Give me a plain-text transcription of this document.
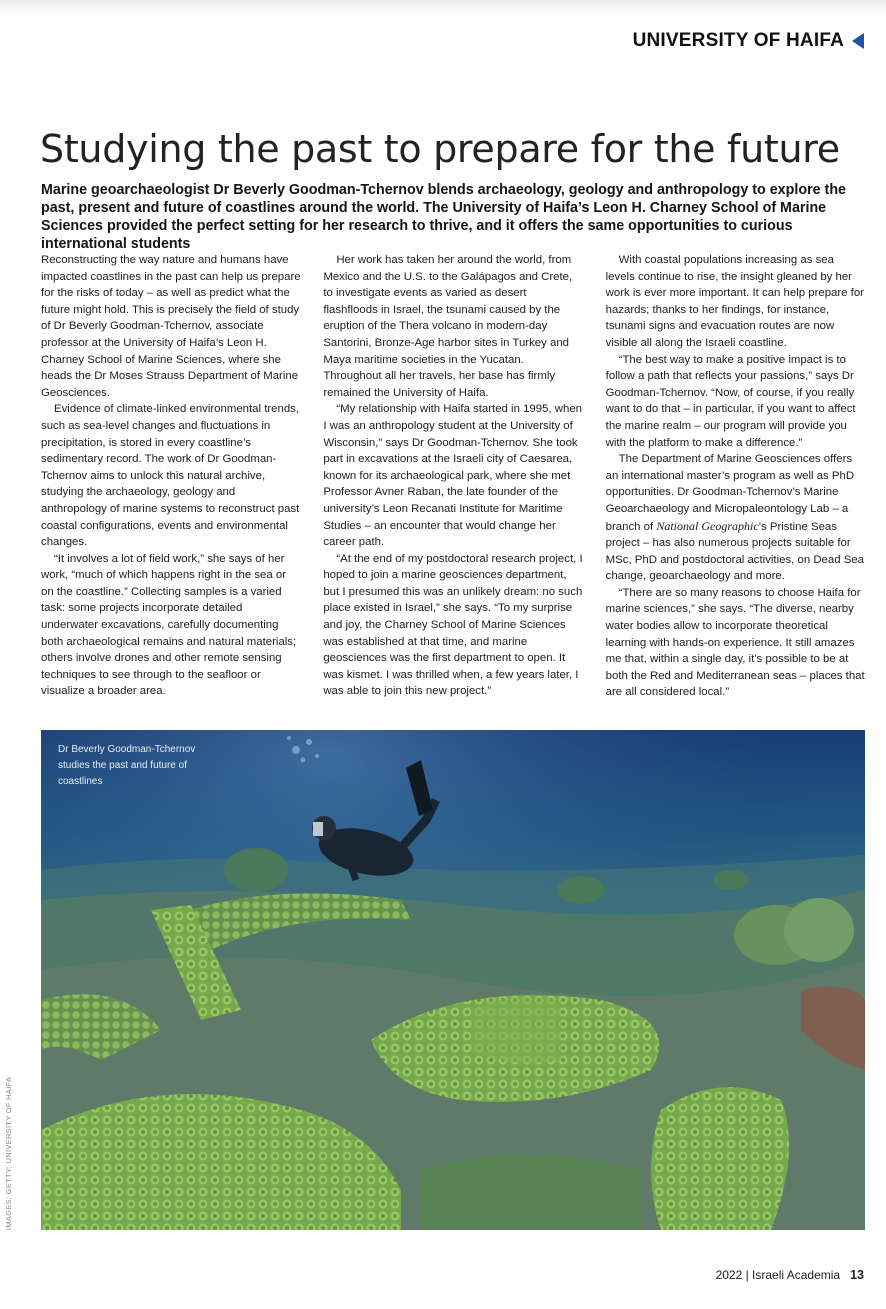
UNIVERSITY OF HAIFA
Studying the past to prepare for the future

Marine geoarchaeologist Dr Beverly Goodman-Tchernov blends archaeology, geology and anthropology to explore the past, present and future of coastlines around the world. The University of Haifa’s Leon H. Charney School of Marine Sciences provided the perfect setting for her research to thrive, and it offers the same opportunities to curious international students

Reconstructing the way nature and humans have impacted coastlines in the past can help us prepare for the risks of today – as well as predict what the future might hold. This is precisely the field of study of Dr Beverly Goodman-Tchernov, associate professor at the University of Haifa’s Leon H. Charney School of Marine Sciences, where she heads the Dr Moses Strauss Department of Marine Geosciences.

Evidence of climate-linked environmental trends, such as sea-level changes and fluctuations in precipitation, is stored in every coastline’s sedimentary record. The work of Dr Goodman-Tchernov aims to unlock this natural archive, studying the archaeology, geology and anthropology of marine systems to reconstruct past coastal configurations, events and environmental changes.

“It involves a lot of field work,” she says of her work, “much of which happens right in the sea or on the coastline.” Collecting samples is a varied task: some projects incorporate detailed underwater excavations, carefully documenting both archaeological remains and natural materials; others involve drones and other remote sensing techniques to see through to the seafloor or visualize a broader area.

Her work has taken her around the world, from Mexico and the U.S. to the Galápagos and Crete, to investigate events as varied as desert flashfloods in Israel, the tsunami caused by the eruption of the Thera volcano in modern-day Santorini, Bronze-Age harbor sites in Turkey and Maya maritime societies in the Yucatan. Throughout all her travels, her base has firmly remained the University of Haifa.

“My relationship with Haifa started in 1995, when I was an anthropology student at the University of Wisconsin,” says Dr Goodman-Tchernov. She took part in excavations at the Israeli city of Caesarea, known for its archaeological park, where she met Professor Avner Raban, the late founder of the university’s Leon Recanati Institute for Maritime Studies – an encounter that would change her career path.

“At the end of my postdoctoral research project, I hoped to join a marine geosciences department, but I presumed this was an unlikely dream: no such place existed in Israel,” she says. “To my surprise and joy, the Charney School of Marine Sciences was established at that time, and marine geosciences was the first department to open. It was kismet. I was thrilled when, a few years later, I was able to join this new project.”

With coastal populations increasing as sea levels continue to rise, the insight gleaned by her work is ever more important. It can help prepare for hazards; thanks to her findings, for instance, tsunami signs and evacuation routes are now visible all along the Israeli coastline.

“The best way to make a positive impact is to follow a path that reflects your passions,” says Dr Goodman-Tchernov. “Now, of course, if you really want to do that – in particular, if you want to affect the marine realm – our program will provide you with the platform to make a difference.”

The Department of Marine Geosciences offers an international master’s program as well as PhD opportunities. Dr Goodman-Tchernov’s Marine Geoarchaeology and Micropaleontology Lab – a branch of National Geographic’s Pristine Seas project – has also numerous projects suitable for MSc, PhD and postdoctoral activities, on Dead Sea change, geoarchaeology and more.

“There are so many reasons to choose Haifa for marine sciences,” she says. “The diverse, nearby water bodies allow to incorporate theoretical learning with hands-on experience. It still amazes me that, within a single day, it’s possible to be at both the Red and Mediterranean seas – places that are all considered local.”

Dr Beverly Goodman-Tchernov studies the past and future of coastlines
IMAGES: GETTY; UNIVERSITY OF HAIFA
2022 | Israeli Academia 13
